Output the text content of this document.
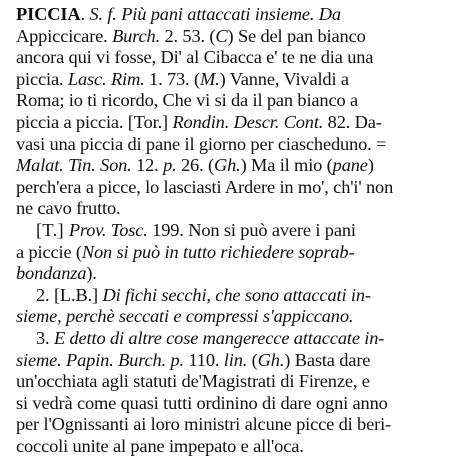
PICCIA. S. f. Più pani attaccati insieme. Da
Appiccicare. Burch. 2. 53. (C) Se del pan bianco
ancora qui vi fosse, Di' al Cibacca e' te ne dia una
piccia. Lasc. Rim. 1. 73. (M.) Vanne, Vivaldi a
Roma; io ti ricordo, Che vi si da il pan bianco a
piccia a piccia. [Tor.] Rondin. Descr. Cont. 82. Da-
vasi una piccia di pane il giorno per ciascheduno. =
Malat. Tin. Son. 12. p. 26. (Gh.) Ma il mio (pane)
perch'era a picce, lo lasciasti Ardere in mo', ch'i' non
ne cavo frutto.
[T.] Prov. Tosc. 199. Non si può avere i pani
a piccie (Non si può in tutto richiedere soprab-
bondanza).
2. [L.B.] Di fichi secchi, che sono attaccati in-
sieme, perchè seccati e compressi s'appiccano.
3. E detto di altre cose mangerecce attaccate in-
sieme. Papin. Burch. p. 110. lin. (Gh.) Basta dare
un'occhiata agli statuti de'Magistrati di Firenze, e
si vedrà come quasi tutti ordinino di dare ogni anno
per l'Ognissanti ai loro ministri alcune picce di beri-
coccoli unite al pane impepato e all'oca.
